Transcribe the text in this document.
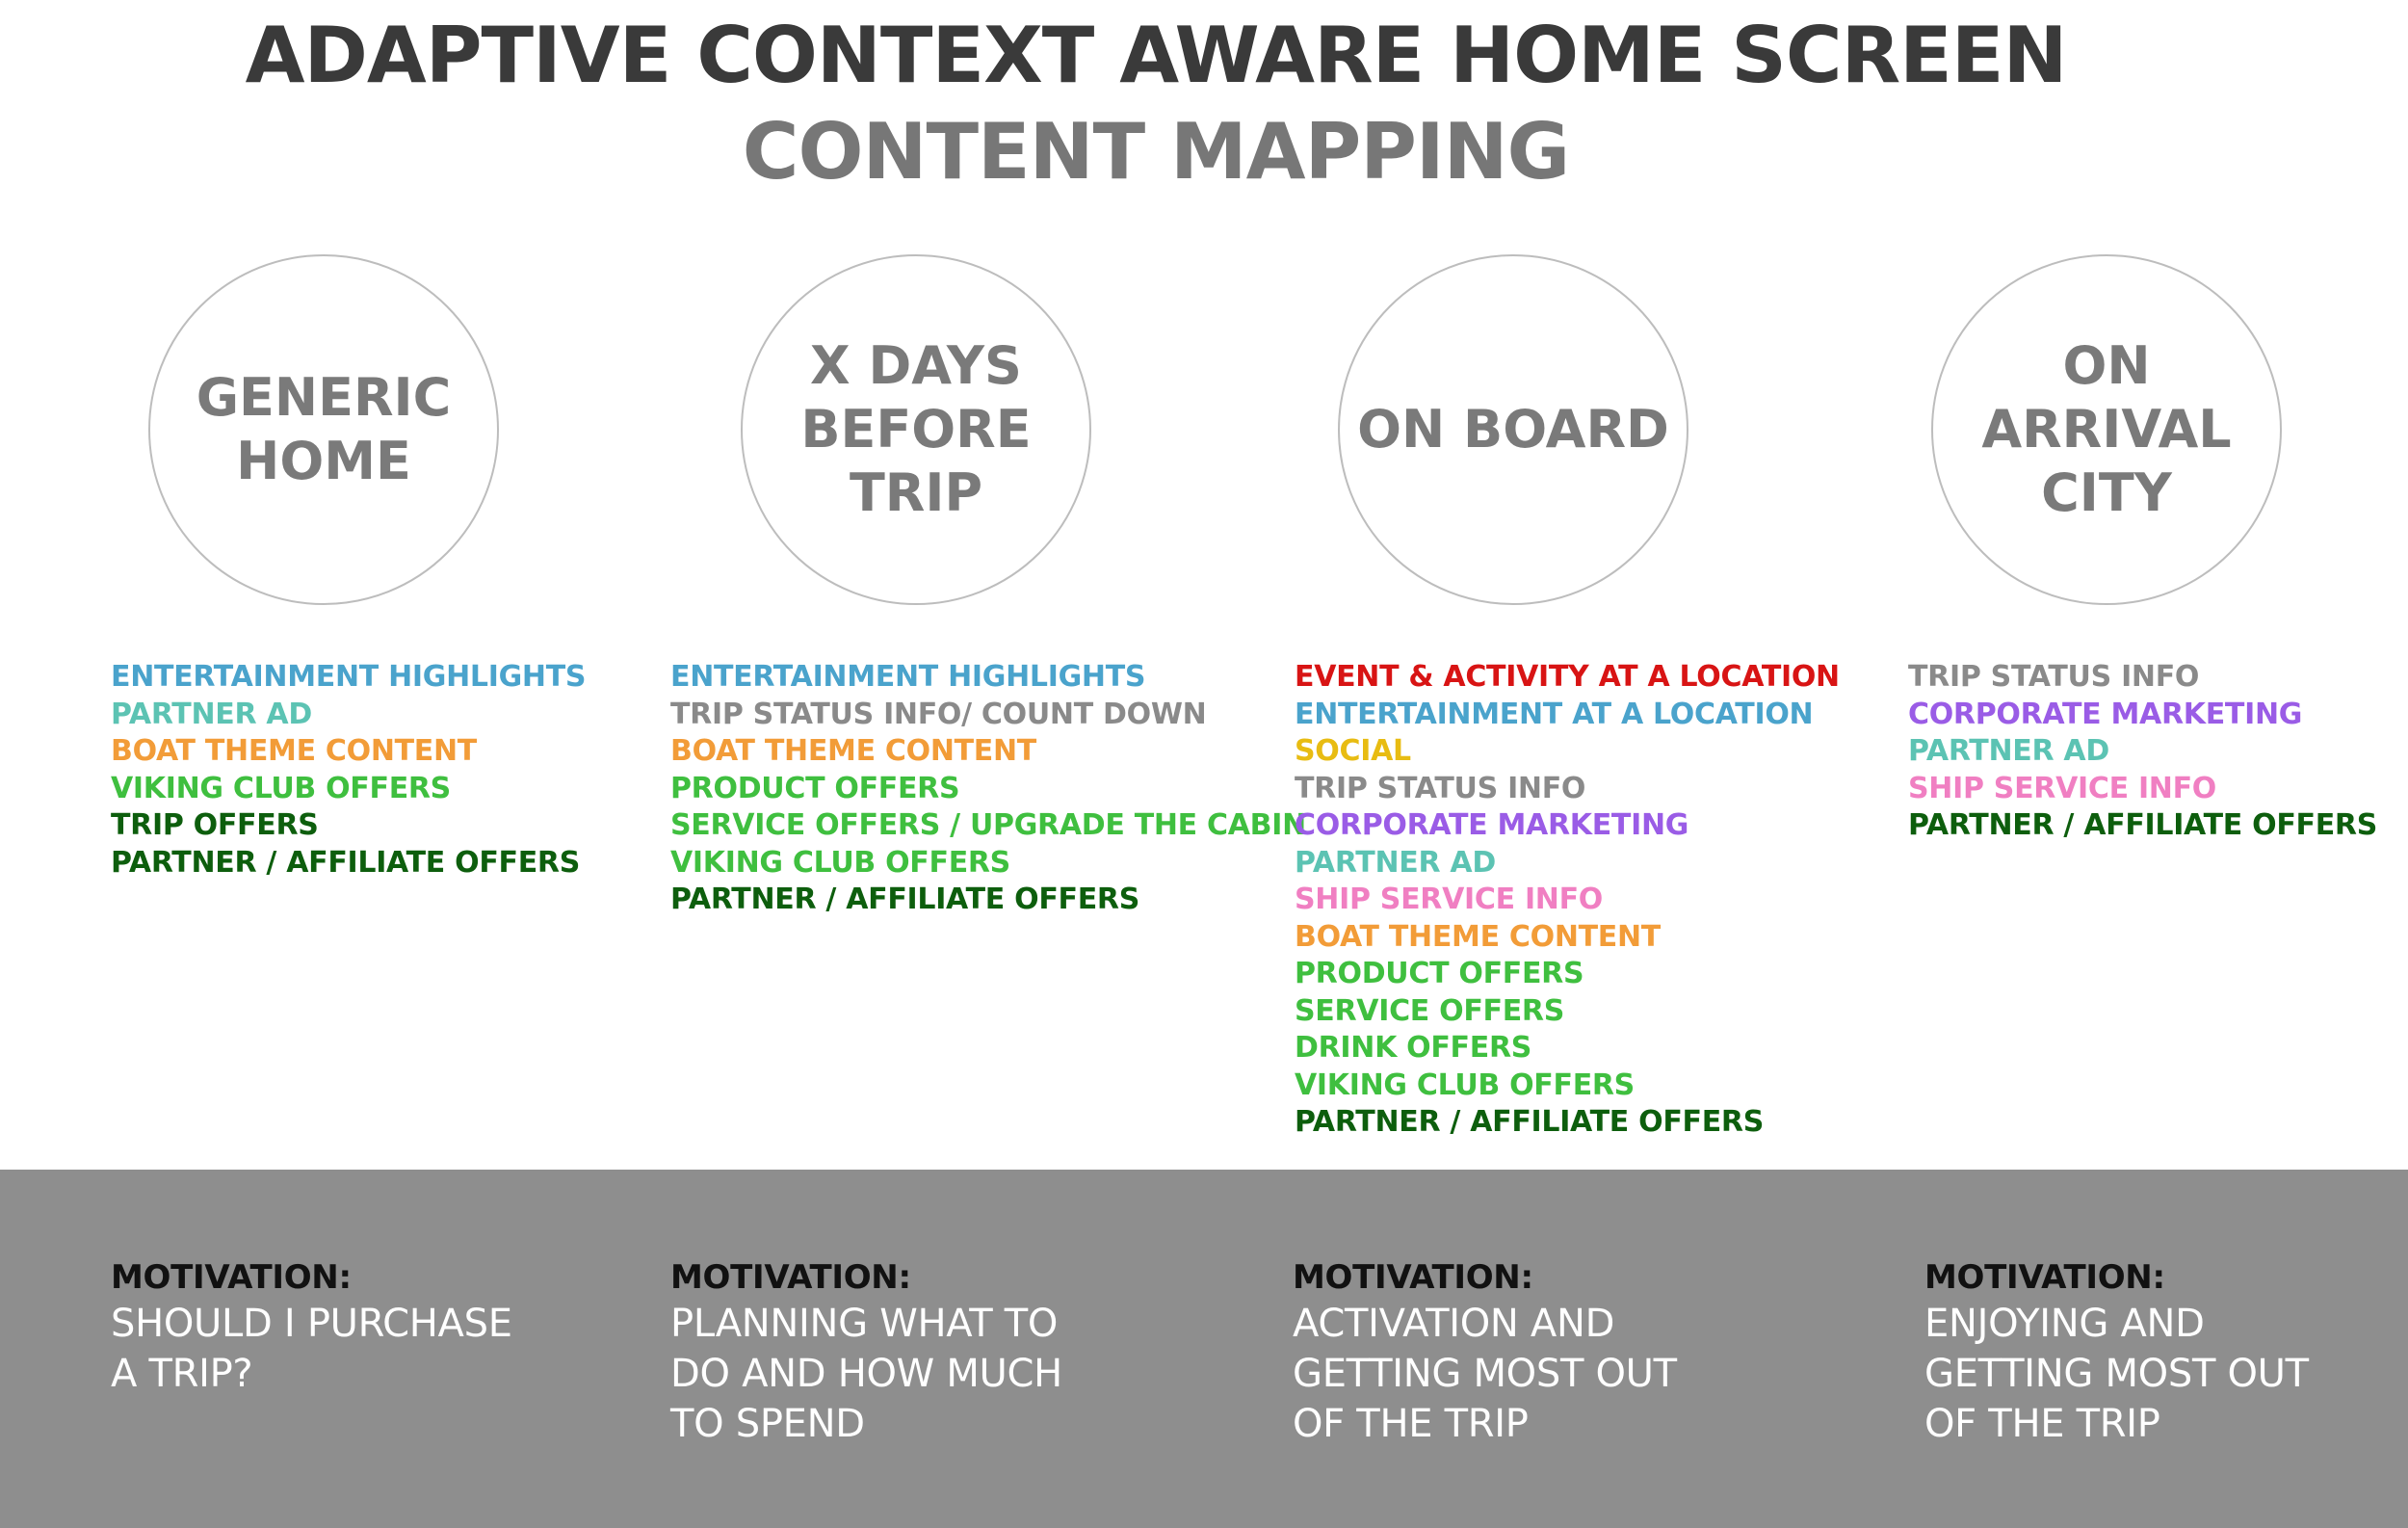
ADAPTIVE CONTEXT AWARE HOME SCREEN
CONTENT MAPPING
GENERIC
HOME
X DAYS
BEFORE
TRIP
ON BOARD
ON ARRIVAL
CITY
ENTERTAINMENT HIGHLIGHTS
PARTNER AD
BOAT THEME CONTENT
VIKING CLUB OFFERS
TRIP OFFERS
PARTNER / AFFILIATE OFFERS
ENTERTAINMENT HIGHLIGHTS
TRIP STATUS INFO/ COUNT DOWN
BOAT THEME CONTENT
PRODUCT OFFERS
SERVICE OFFERS / UPGRADE THE CABIN
VIKING CLUB OFFERS
PARTNER / AFFILIATE OFFERS
EVENT & ACTIVITY AT A LOCATION
ENTERTAINMENT AT A LOCATION
SOCIAL
TRIP STATUS INFO
CORPORATE MARKETING
PARTNER AD
SHIP SERVICE INFO
BOAT THEME CONTENT
PRODUCT OFFERS
SERVICE OFFERS
DRINK OFFERS
VIKING CLUB OFFERS
PARTNER / AFFILIATE OFFERS
TRIP STATUS INFO
CORPORATE MARKETING
PARTNER AD
SHIP SERVICE INFO
PARTNER / AFFILIATE OFFERS
MOTIVATION:
SHOULD I PURCHASE
A TRIP?
MOTIVATION:
PLANNING WHAT TO
DO AND HOW MUCH
TO SPEND
MOTIVATION:
ACTIVATION AND
GETTING MOST OUT
OF THE TRIP
MOTIVATION:
ENJOYING AND
GETTING MOST OUT
OF THE TRIP
